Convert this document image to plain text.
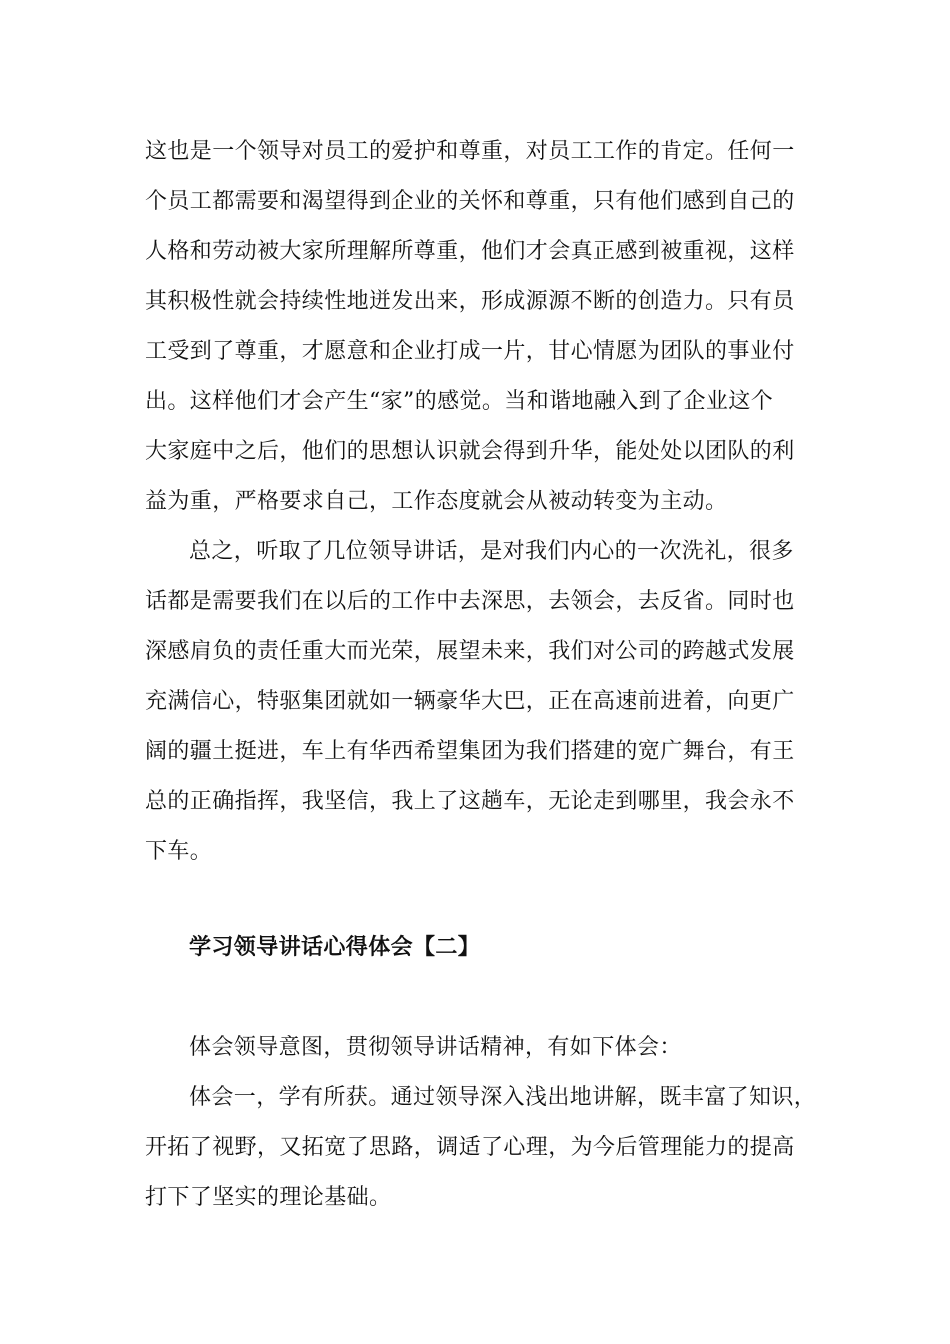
这也是一个领导对员工的爱护和尊重，对员工工作的肯定。任何一
个员工都需要和渴望得到企业的关怀和尊重，只有他们感到自己的
人格和劳动被大家所理解所尊重，他们才会真正感到被重视，这样
其积极性就会持续性地迸发出来，形成源源不断的创造力。只有员
工受到了尊重，才愿意和企业打成一片，甘心情愿为团队的事业付
出。这样他们才会产生“家”的感觉。当和谐地融入到了企业这个
大家庭中之后，他们的思想认识就会得到升华，能处处以团队的利
益为重，严格要求自己，工作态度就会从被动转变为主动。
总之，听取了几位领导讲话，是对我们内心的一次洗礼，很多
话都是需要我们在以后的工作中去深思，去领会，去反省。同时也
深感肩负的责任重大而光荣，展望未来，我们对公司的跨越式发展
充满信心，特驱集团就如一辆豪华大巴，正在高速前进着，向更广
阔的疆土挺进，车上有华西希望集团为我们搭建的宽广舞台，有王
总的正确指挥，我坚信，我上了这趟车，无论走到哪里，我会永不
下车。
学习领导讲话心得体会【二】
体会领导意图，贯彻领导讲话精神，有如下体会：
体会一，学有所获。通过领导深入浅出地讲解，既丰富了知识，
开拓了视野，又拓宽了思路，调适了心理，为今后管理能力的提高
打下了坚实的理论基础。
